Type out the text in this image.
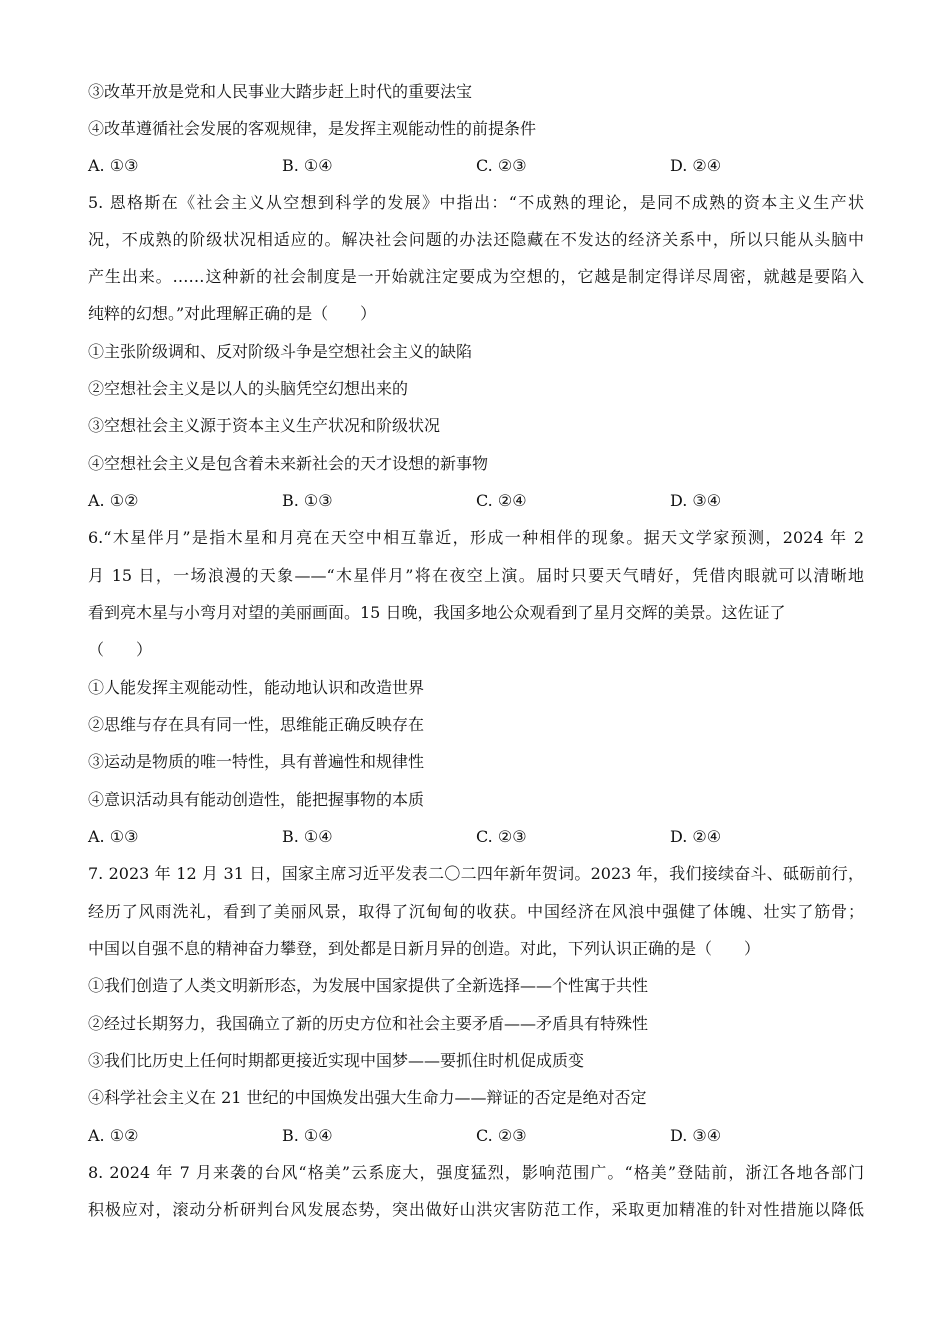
③改革开放是党和人民事业大踏步赶上时代的重要法宝
④改革遵循社会发展的客观规律，是发挥主观能动性的前提条件
A. ①③	B. ①④	C. ②③	D. ②④
5. 恩格斯在《社会主义从空想到科学的发展》中指出：“不成熟的理论，是同不成熟的资本主义生产状
况，不成熟的阶级状况相适应的。解决社会问题的办法还隐藏在不发达的经济关系中，所以只能从头脑中
产生出来。……这种新的社会制度是一开始就注定要成为空想的，它越是制定得详尽周密，就越是要陷入
纯粹的幻想。”对此理解正确的是（　　）
①主张阶级调和、反对阶级斗争是空想社会主义的缺陷
②空想社会主义是以人的头脑凭空幻想出来的
③空想社会主义源于资本主义生产状况和阶级状况
④空想社会主义是包含着未来新社会的天才设想的新事物
A. ①②	B. ①③	C. ②④	D. ③④
6.“木星伴月”是指木星和月亮在天空中相互靠近，形成一种相伴的现象。据天文学家预测，2024 年 2
月 15 日，一场浪漫的天象——“木星伴月”将在夜空上演。届时只要天气晴好，凭借肉眼就可以清晰地
看到亮木星与小弯月对望的美丽画面。15 日晚，我国多地公众观看到了星月交辉的美景。这佐证了
（　　）
①人能发挥主观能动性，能动地认识和改造世界
②思维与存在具有同一性，思维能正确反映存在
③运动是物质的唯一特性，具有普遍性和规律性
④意识活动具有能动创造性，能把握事物的本质
A. ①③	B. ①④	C. ②③	D. ②④
7. 2023 年 12 月 31 日，国家主席习近平发表二〇二四年新年贺词。2023 年，我们接续奋斗、砥砺前行，
经历了风雨洗礼，看到了美丽风景，取得了沉甸甸的收获。中国经济在风浪中强健了体魄、壮实了筋骨；
中国以自强不息的精神奋力攀登，到处都是日新月异的创造。对此，下列认识正确的是（　　）
①我们创造了人类文明新形态，为发展中国家提供了全新选择——个性寓于共性
②经过长期努力，我国确立了新的历史方位和社会主要矛盾——矛盾具有特殊性
③我们比历史上任何时期都更接近实现中国梦——要抓住时机促成质变
④科学社会主义在 21 世纪的中国焕发出强大生命力——辩证的否定是绝对否定
A. ①②	B. ①④	C. ②③	D. ③④
8. 2024 年 7 月来袭的台风“格美”云系庞大，强度猛烈，影响范围广。“格美”登陆前，浙江各地各部门
积极应对，滚动分析研判台风发展态势，突出做好山洪灾害防范工作，采取更加精准的针对性措施以降低
